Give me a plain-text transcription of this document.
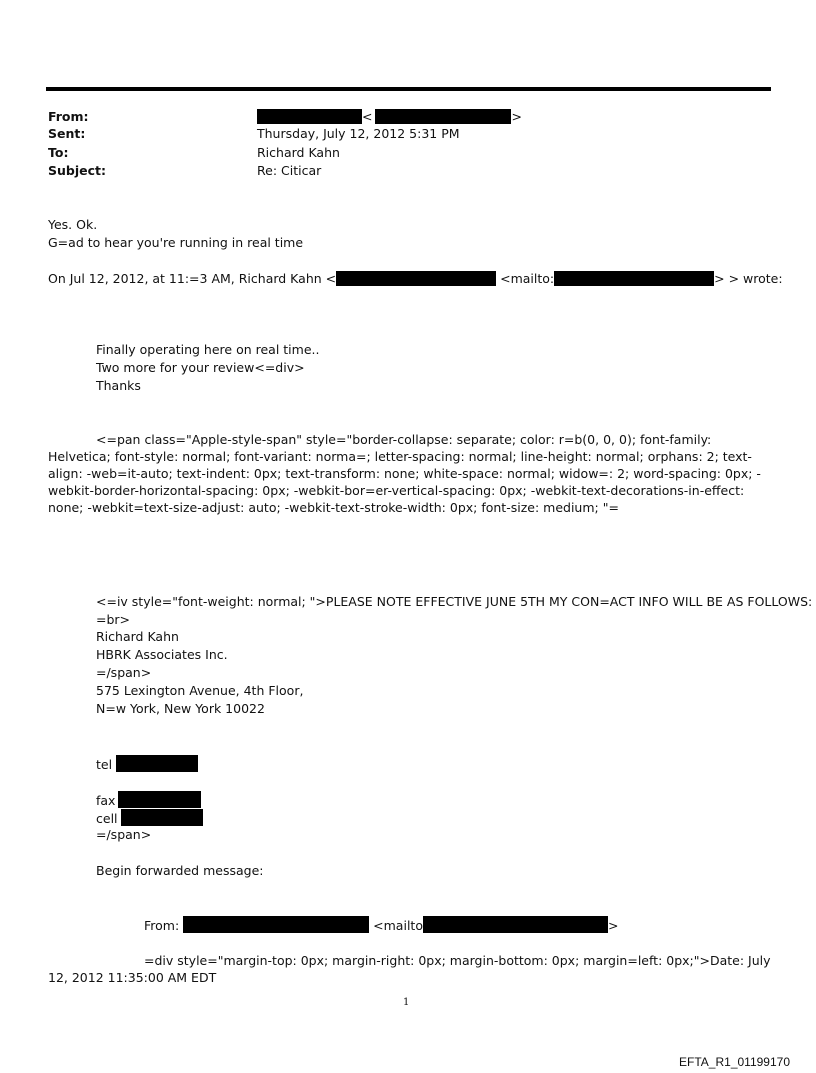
From:	<	>
Sent:	Thursday, July 12, 2012 5:31 PM
To:	Richard Kahn
Subject:	Re: Citicar
Yes. Ok.
G=ad to hear you're running in real time
On Jul 12, 2012, at 11:=3 AM, Richard Kahn <	<mailto:	> > wrote:
Finally operating here on real time..
Two more for your review<=div>
Thanks
<=pan class="Apple-style-span" style="border-collapse: separate; color: r=b(0, 0, 0); font-family: Helvetica; font-style: normal; font-variant: norma=; letter-spacing: normal; line-height: normal; orphans: 2; text-align: -web=it-auto; text-indent: 0px; text-transform: none; white-space: normal; widow=: 2; word-spacing: 0px; -webkit-border-horizontal-spacing: 0px; -webkit-bor=er-vertical-spacing: 0px; -webkit-text-decorations-in-effect: none; -webkit=text-size-adjust: auto; -webkit-text-stroke-width: 0px; font-size: medium; "=
<=iv style="font-weight: normal; ">PLEASE NOTE EFFECTIVE JUNE 5TH MY CON=ACT INFO WILL BE AS FOLLOWS:
=br>
Richard Kahn
HBRK Associates Inc.
=/span>
575 Lexington Avenue, 4th Floor,
N=w York, New York 10022
tel
fax
cell
=/span>
Begin forwarded message:
From:	<mailto	>
=div style="margin-top: 0px; margin-right: 0px; margin-bottom: 0px; margin=left: 0px;">Date: July 12, 2012 11:35:00 AM EDT
1
EFTA_R1_01199170
